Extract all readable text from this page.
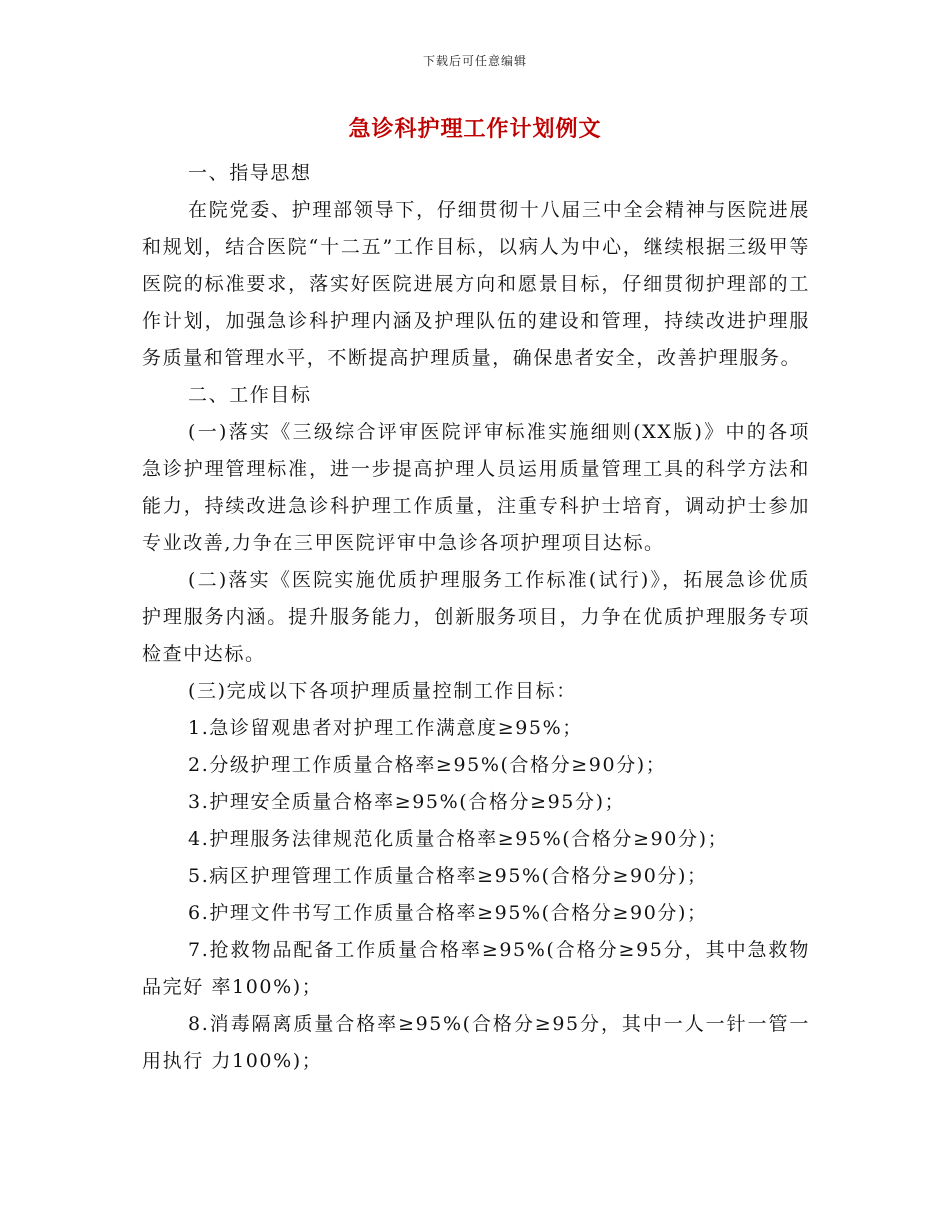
下载后可任意编辑
急诊科护理工作计划例文

一、指导思想

在院党委、护理部领导下，仔细贯彻十八届三中全会精神与医院进展和规划，结合医院“十二五”工作目标，以病人为中心，继续根据三级甲等医院的标准要求，落实好医院进展方向和愿景目标，仔细贯彻护理部的工作计划，加强急诊科护理内涵及护理队伍的建设和管理，持续改进护理服务质量和管理水平，不断提高护理质量，确保患者安全，改善护理服务。

二、工作目标

(一)落实《三级综合评审医院评审标准实施细则(XX版)》中的各项急诊护理管理标准，进一步提高护理人员运用质量管理工具的科学方法和能力，持续改进急诊科护理工作质量，注重专科护士培育，调动护士参加专业改善,力争在三甲医院评审中急诊各项护理项目达标。

(二)落实《医院实施优质护理服务工作标准(试行)》，拓展急诊优质护理服务内涵。提升服务能力，创新服务项目，力争在优质护理服务专项检查中达标。

(三)完成以下各项护理质量控制工作目标：

1.急诊留观患者对护理工作满意度≥95%；

2.分级护理工作质量合格率≥95%(合格分≥90分)；

3.护理安全质量合格率≥95%(合格分≥95分)；

4.护理服务法律规范化质量合格率≥95%(合格分≥90分)；

5.病区护理管理工作质量合格率≥95%(合格分≥90分)；

6.护理文件书写工作质量合格率≥95%(合格分≥90分)；

7.抢救物品配备工作质量合格率≥95%(合格分≥95分，其中急救物品完好 率100%)；

8.消毒隔离质量合格率≥95%(合格分≥95分，其中一人一针一管一用执行 力100%)；
